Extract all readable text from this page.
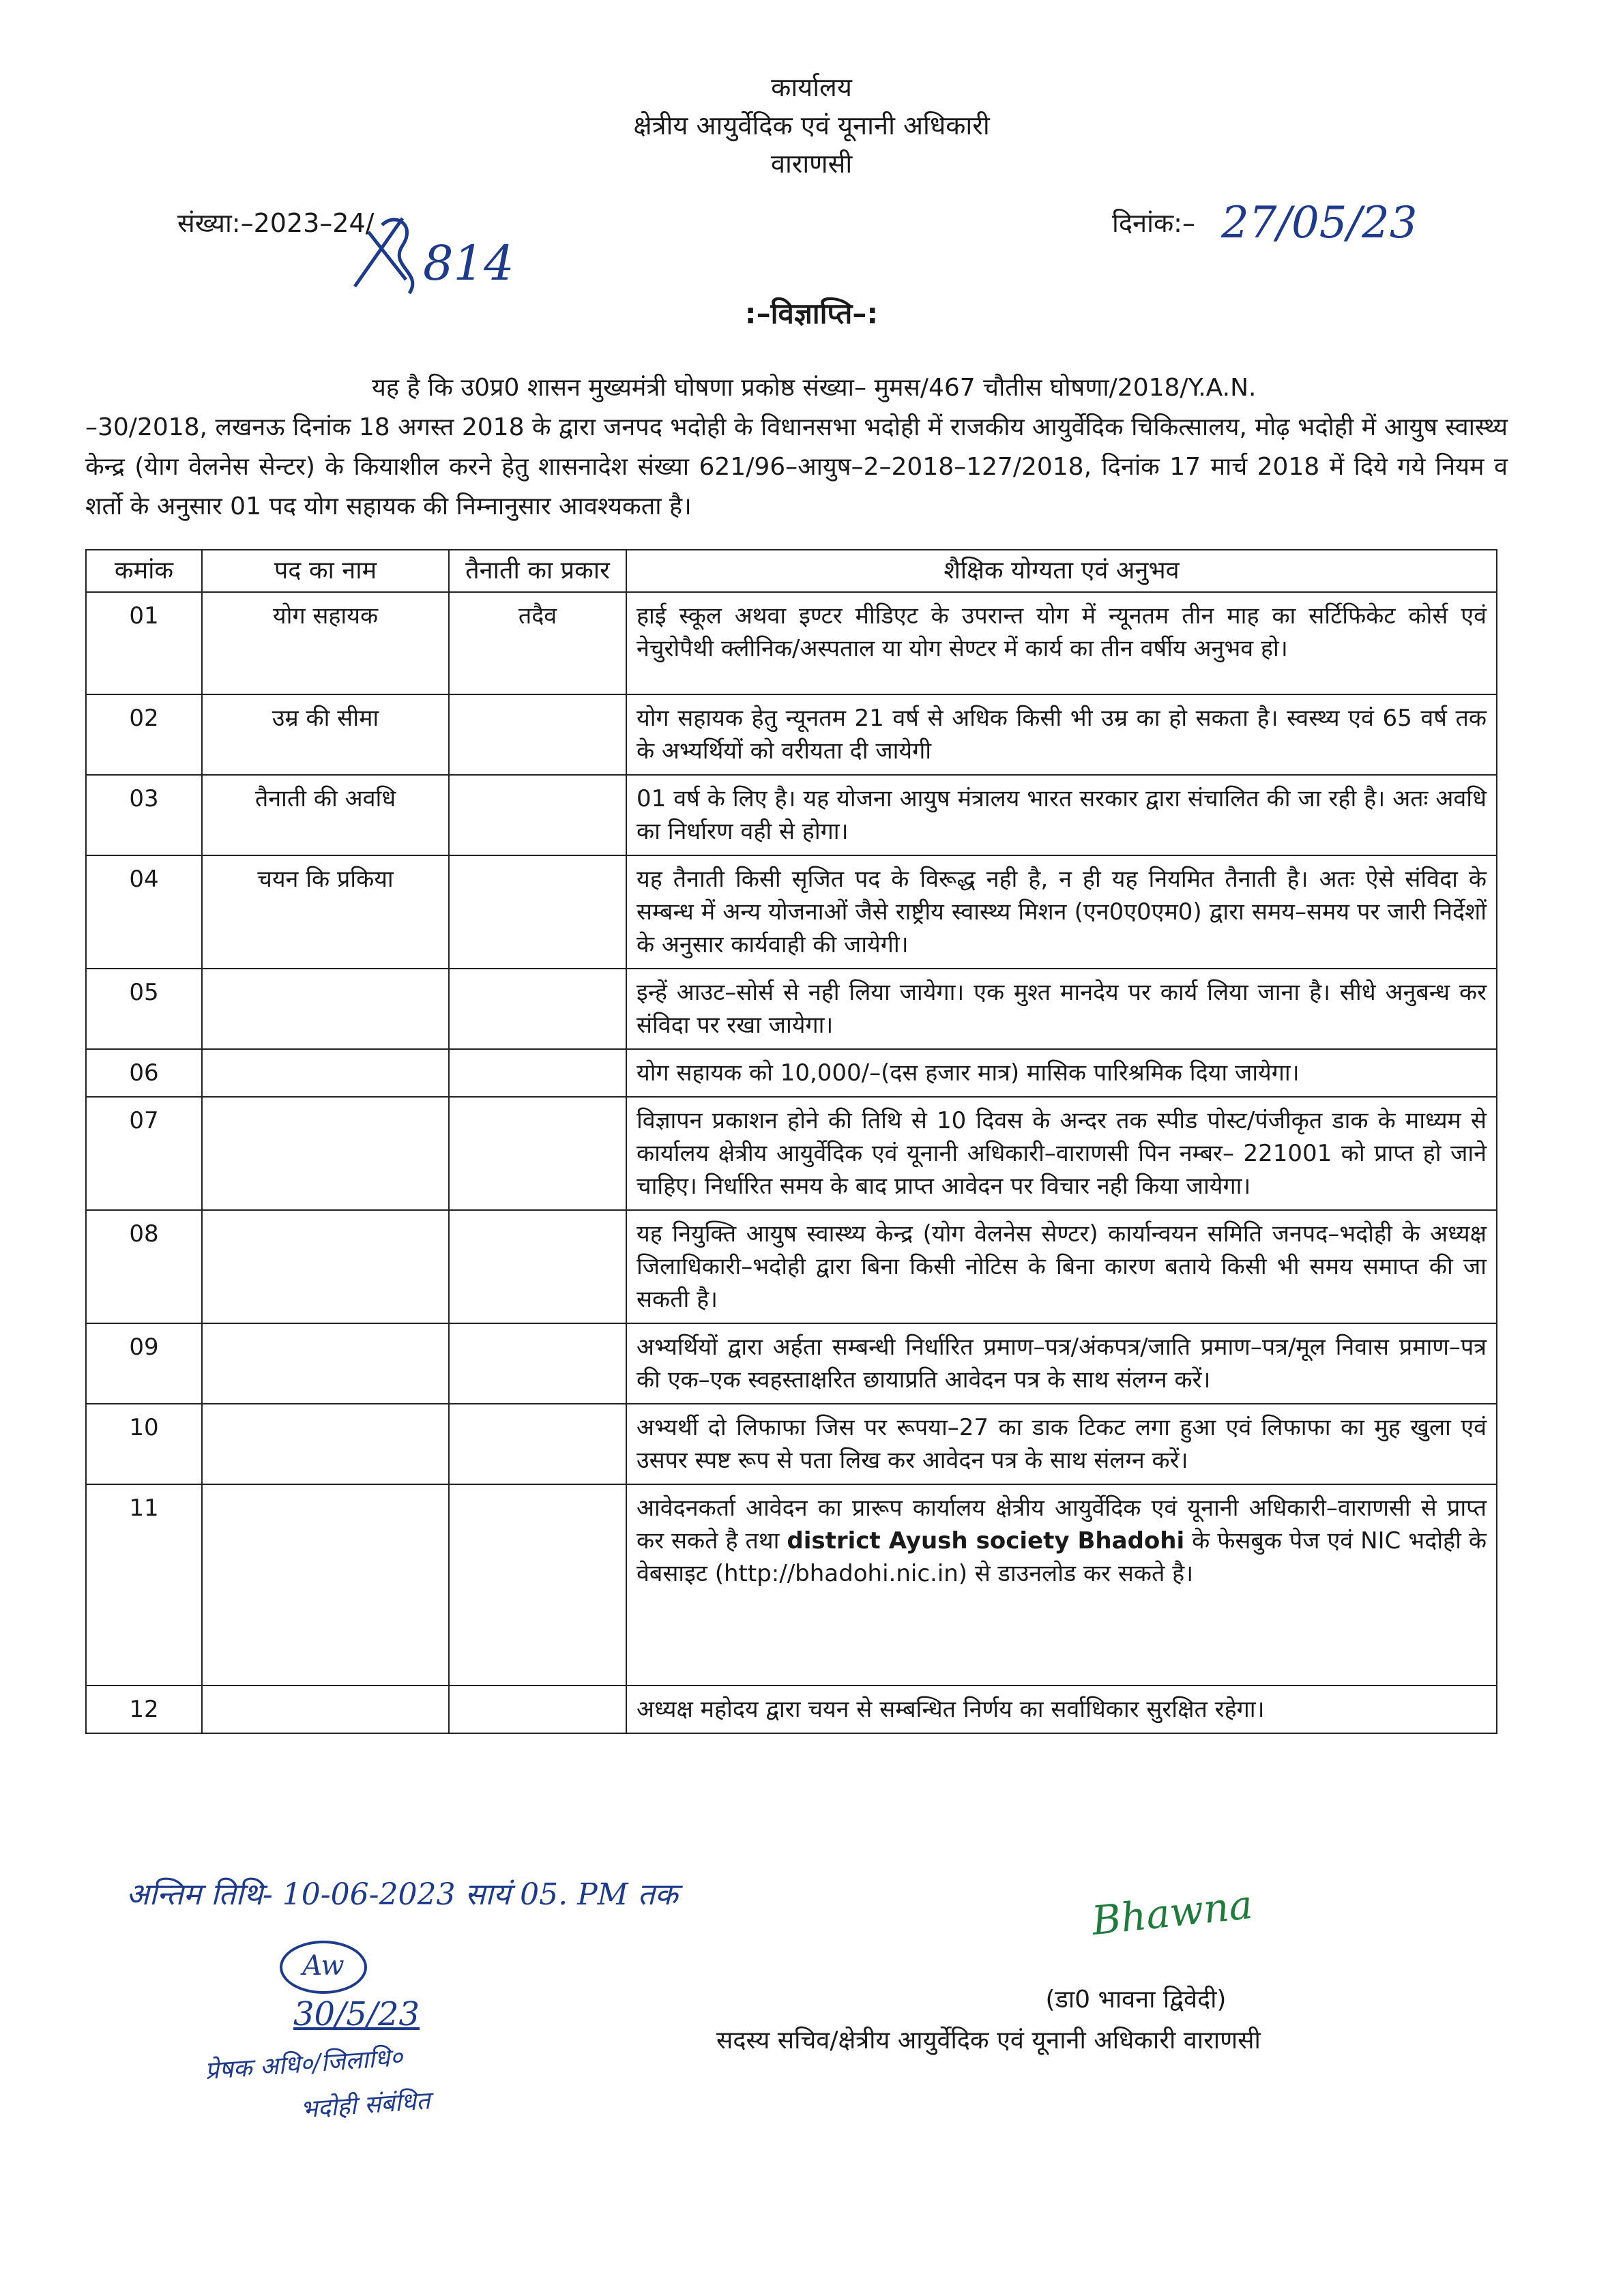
कार्यालय
क्षेत्रीय आयुर्वेदिक एवं यूनानी अधिकारी
वाराणसी
संख्या:–2023–24/
814
दिनांक:– 27/05/23
:–विज्ञाप्ति–:
यह है कि उ0प्र0 शासन मुख्यमंत्री घोषणा प्रकोष्ठ संख्या– मुमस/467 चौतीस घोषणा/2018/Y.A.N.
–30/2018, लखनऊ दिनांक 18 अगस्त 2018 के द्वारा जनपद भदोही के विधानसभा भदोही में राजकीय आयुर्वेदिक चिकित्सालय, मोढ़ भदोही में आयुष स्वास्थ्य केन्द्र (येाग वेलनेस सेन्टर) के कियाशील करने हेतु शासनादेश संख्या 621/96–आयुष–2–2018–127/2018, दिनांक 17 मार्च 2018 में दिये गये नियम व शर्तो के अनुसार 01 पद योग सहायक की निम्नानुसार आवश्यकता है।
कमांक	पद का नाम	तैनाती का प्रकार	शैक्षिक योग्यता एवं अनुभव
01	योग सहायक	तदैव	हाई स्कूल अथवा इण्टर मीडिएट के उपरान्त योग में न्यूनतम तीन माह का सर्टिफिकेट कोर्स एवं नेचुरोपैथी क्लीनिक/अस्पताल या योग सेण्टर में कार्य का तीन वर्षीय अनुभव हो।
02	उम्र की सीमा		योग सहायक हेतु न्यूनतम 21 वर्ष से अधिक किसी भी उम्र का हो सकता है। स्वस्थ्य एवं 65 वर्ष तक के अभ्यर्थियों को वरीयता दी जायेगी
03	तैनाती की अवधि		01 वर्ष के लिए है। यह योजना आयुष मंत्रालय भारत सरकार द्वारा संचालित की जा रही है। अतः अवधि का निर्धारण वही से होगा।
04	चयन कि प्रकिया		यह तैनाती किसी सृजित पद के विरूद्ध नही है, न ही यह नियमित तैनाती है। अतः ऐसे संविदा के सम्बन्ध में अन्य योजनाओं जैसे राष्ट्रीय स्वास्थ्य मिशन (एन0ए0एम0) द्वारा समय–समय पर जारी निर्देशों के अनुसार कार्यवाही की जायेगी।
05			इन्हें आउट–सोर्स से नही लिया जायेगा। एक मुश्त मानदेय पर कार्य लिया जाना है। सीधे अनुबन्ध कर संविदा पर रखा जायेगा।
06			योग सहायक को 10,000/–(दस हजार मात्र) मासिक पारिश्रमिक दिया जायेगा।
07			विज्ञापन प्रकाशन होने की तिथि से 10 दिवस के अन्दर तक स्पीड पोस्ट/पंजीकृत डाक के माध्यम से कार्यालय क्षेत्रीय आयुर्वेदिक एवं यूनानी अधिकारी–वाराणसी पिन नम्बर– 221001 को प्राप्त हो जाने चाहिए। निर्धारित समय के बाद प्राप्त आवेदन पर विचार नही किया जायेगा।
08			यह नियुक्ति आयुष स्वास्थ्य केन्द्र (योग वेलनेस सेण्टर) कार्यान्वयन समिति जनपद–भदोही के अध्यक्ष जिलाधिकारी–भदोही द्वारा बिना किसी नोटिस के बिना कारण बताये किसी भी समय समाप्त की जा सकती है।
09			अभ्यर्थियों द्वारा अर्हता सम्बन्धी निर्धारित प्रमाण–पत्र/अंकपत्र/जाति प्रमाण–पत्र/मूल निवास प्रमाण–पत्र की एक–एक स्वहस्ताक्षरित छायाप्रति आवेदन पत्र के साथ संलग्न करें।
10			अभ्यर्थी दो लिफाफा जिस पर रूपया–27 का डाक टिकट लगा हुआ एवं लिफाफा का मुह खुला एवं उसपर स्पष्ट रूप से पता लिख कर आवेदन पत्र के साथ संलग्न करें।
11			आवेदनकर्ता आवेदन का प्रारूप कार्यालय क्षेत्रीय आयुर्वेदिक एवं यूनानी अधिकारी–वाराणसी से प्राप्त कर सकते है तथा district Ayush society Bhadohi के फेसबुक पेज एवं NIC भदोही के वेबसाइट (http://bhadohi.nic.in) से डाउनलोड कर सकते है।
12			अध्यक्ष महोदय द्वारा चयन से सम्बन्धित निर्णय का सर्वाधिकार सुरक्षित रहेगा।
अन्तिम तिथि- 10-06-2023 सायं 05. PM तक
Aw
30/5/23
प्रेषक अधि०/जिलाधि०
भदोही संबंधित
Bhawna
(डा0 भावना द्विवेदी)
सदस्य सचिव/क्षेत्रीय आयुर्वेदिक एवं यूनानी अधिकारी वाराणसी
